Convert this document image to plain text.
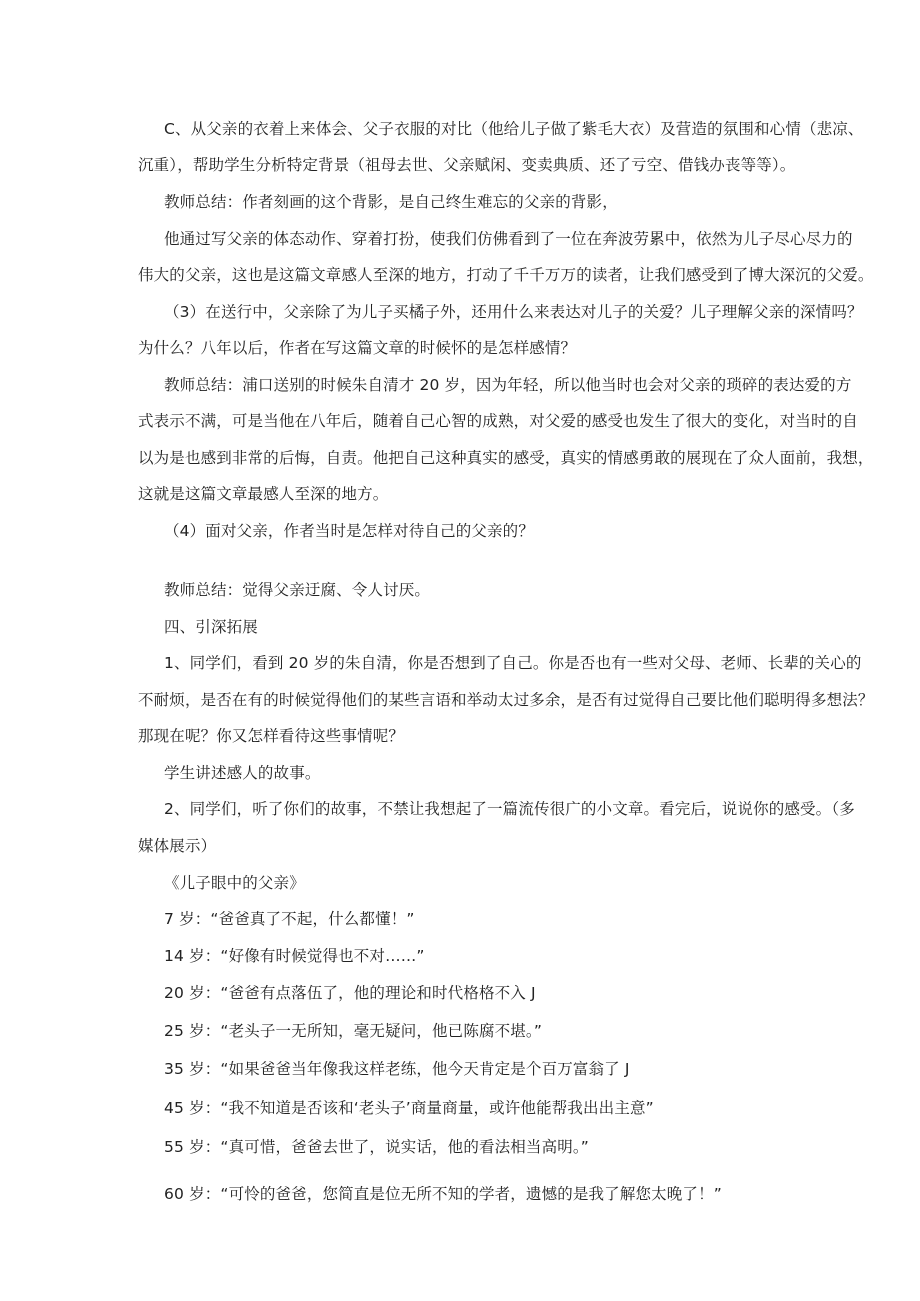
C、从父亲的衣着上来体会、父子衣服的对比（他给儿子做了紫毛大衣）及营造的氛围和心情（悲凉、
沉重），帮助学生分析特定背景（祖母去世、父亲赋闲、变卖典质、还了亏空、借钱办丧等等）。
教师总结：作者刻画的这个背影，是自己终生难忘的父亲的背影，
他通过写父亲的体态动作、穿着打扮，使我们仿佛看到了一位在奔波劳累中，依然为儿子尽心尽力的
伟大的父亲，这也是这篇文章感人至深的地方，打动了千千万万的读者，让我们感受到了博大深沉的父爱。
（3）在送行中，父亲除了为儿子买橘子外，还用什么来表达对儿子的关爱？儿子理解父亲的深情吗？
为什么？八年以后，作者在写这篇文章的时候怀的是怎样感情？
教师总结：浦口送别的时候朱自清才 20 岁，因为年轻，所以他当时也会对父亲的琐碎的表达爱的方
式表示不满，可是当他在八年后，随着自己心智的成熟，对父爱的感受也发生了很大的变化，对当时的自
以为是也感到非常的后悔，自责。他把自己这种真实的感受，真实的情感勇敢的展现在了众人面前，我想，
这就是这篇文章最感人至深的地方。
（4）面对父亲，作者当时是怎样对待自己的父亲的？
教师总结：觉得父亲迂腐、令人讨厌。
四、引深拓展
1、同学们，看到 20 岁的朱自清，你是否想到了自己。你是否也有一些对父母、老师、长辈的关心的
不耐烦，是否在有的时候觉得他们的某些言语和举动太过多余，是否有过觉得自己要比他们聪明得多想法？
那现在呢？你又怎样看待这些事情呢？
学生讲述感人的故事。
2、同学们，听了你们的故事，不禁让我想起了一篇流传很广的小文章。看完后，说说你的感受。（多
媒体展示）
《儿子眼中的父亲》
7 岁：“爸爸真了不起，什么都懂！”
14 岁：“好像有时候觉得也不对……”
20 岁：“爸爸有点落伍了，他的理论和时代格格不入 J
25 岁：“老头子一无所知，毫无疑问，他已陈腐不堪。”
35 岁：“如果爸爸当年像我这样老练，他今天肯定是个百万富翁了 J
45 岁：“我不知道是否该和‘老头子’商量商量，或许他能帮我出出主意”
55 岁：“真可惜，爸爸去世了，说实话，他的看法相当高明。”
60 岁：“可怜的爸爸，您简直是位无所不知的学者，遗憾的是我了解您太晚了！”
